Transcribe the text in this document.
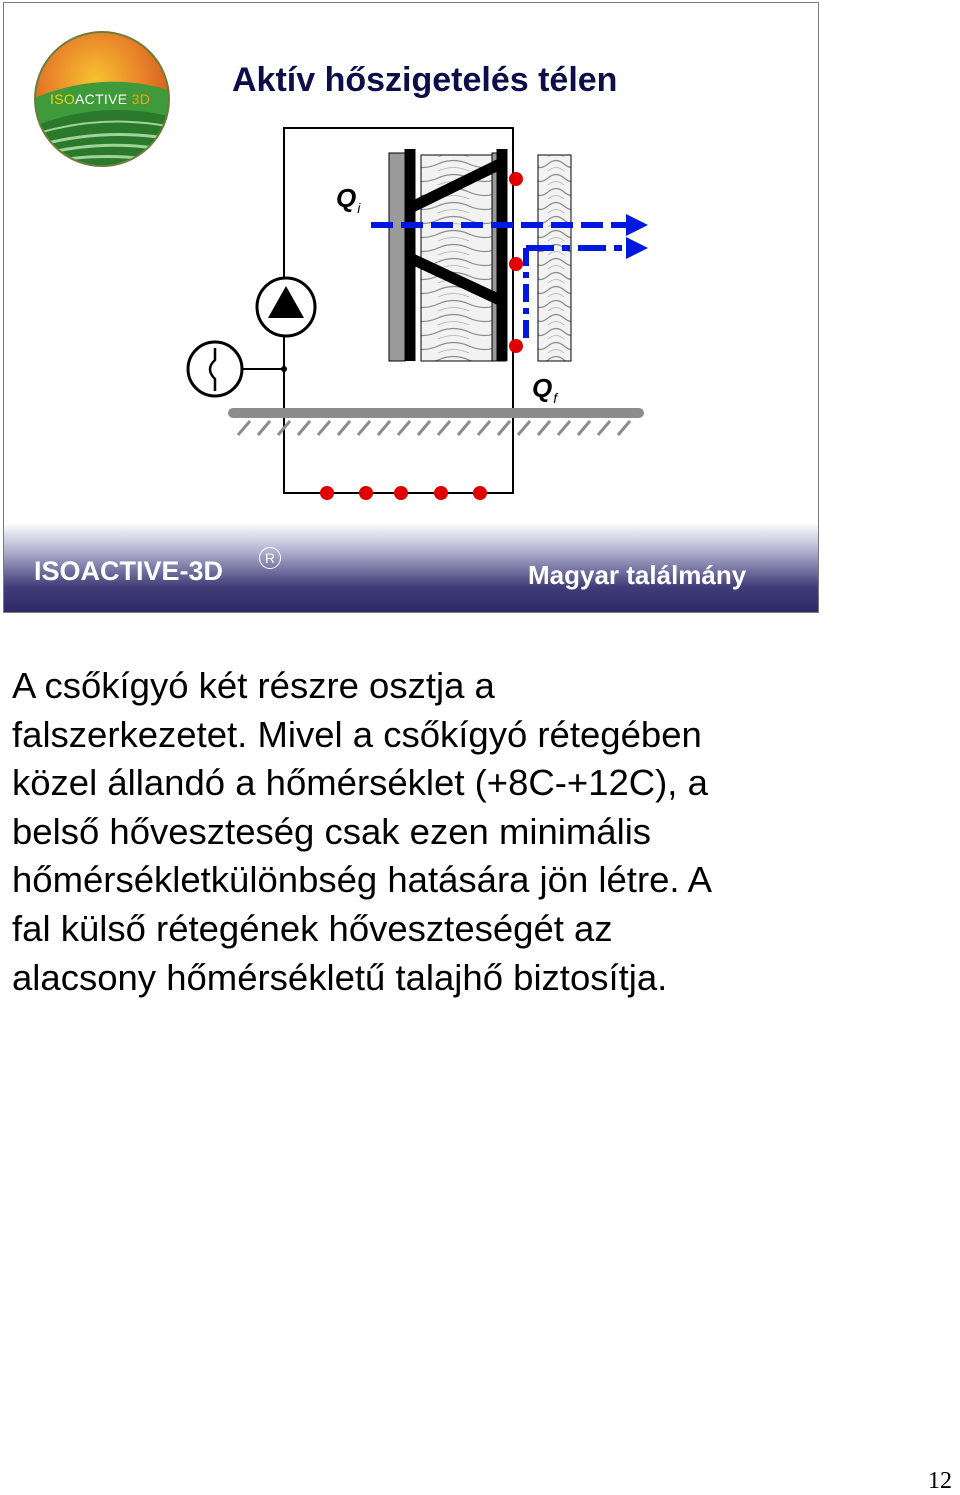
ISOACTIVE 3D Aktív hőszigetelés télen
$Q_i$
$Q_f$
ISOACTIVE-3D	R
Magyar találmány

A csőkígyó két részre osztja a
falszerkezetet. Mivel a csőkígyó rétegében
közel állandó a hőmérséklet (+8C-+12C), a
belső hőveszteség csak ezen minimális
hőmérsékletkülönbség hatására jön létre. A
fal külső rétegének hőveszteségét az
alacsony hőmérsékletű talajhő biztosítja.

12
